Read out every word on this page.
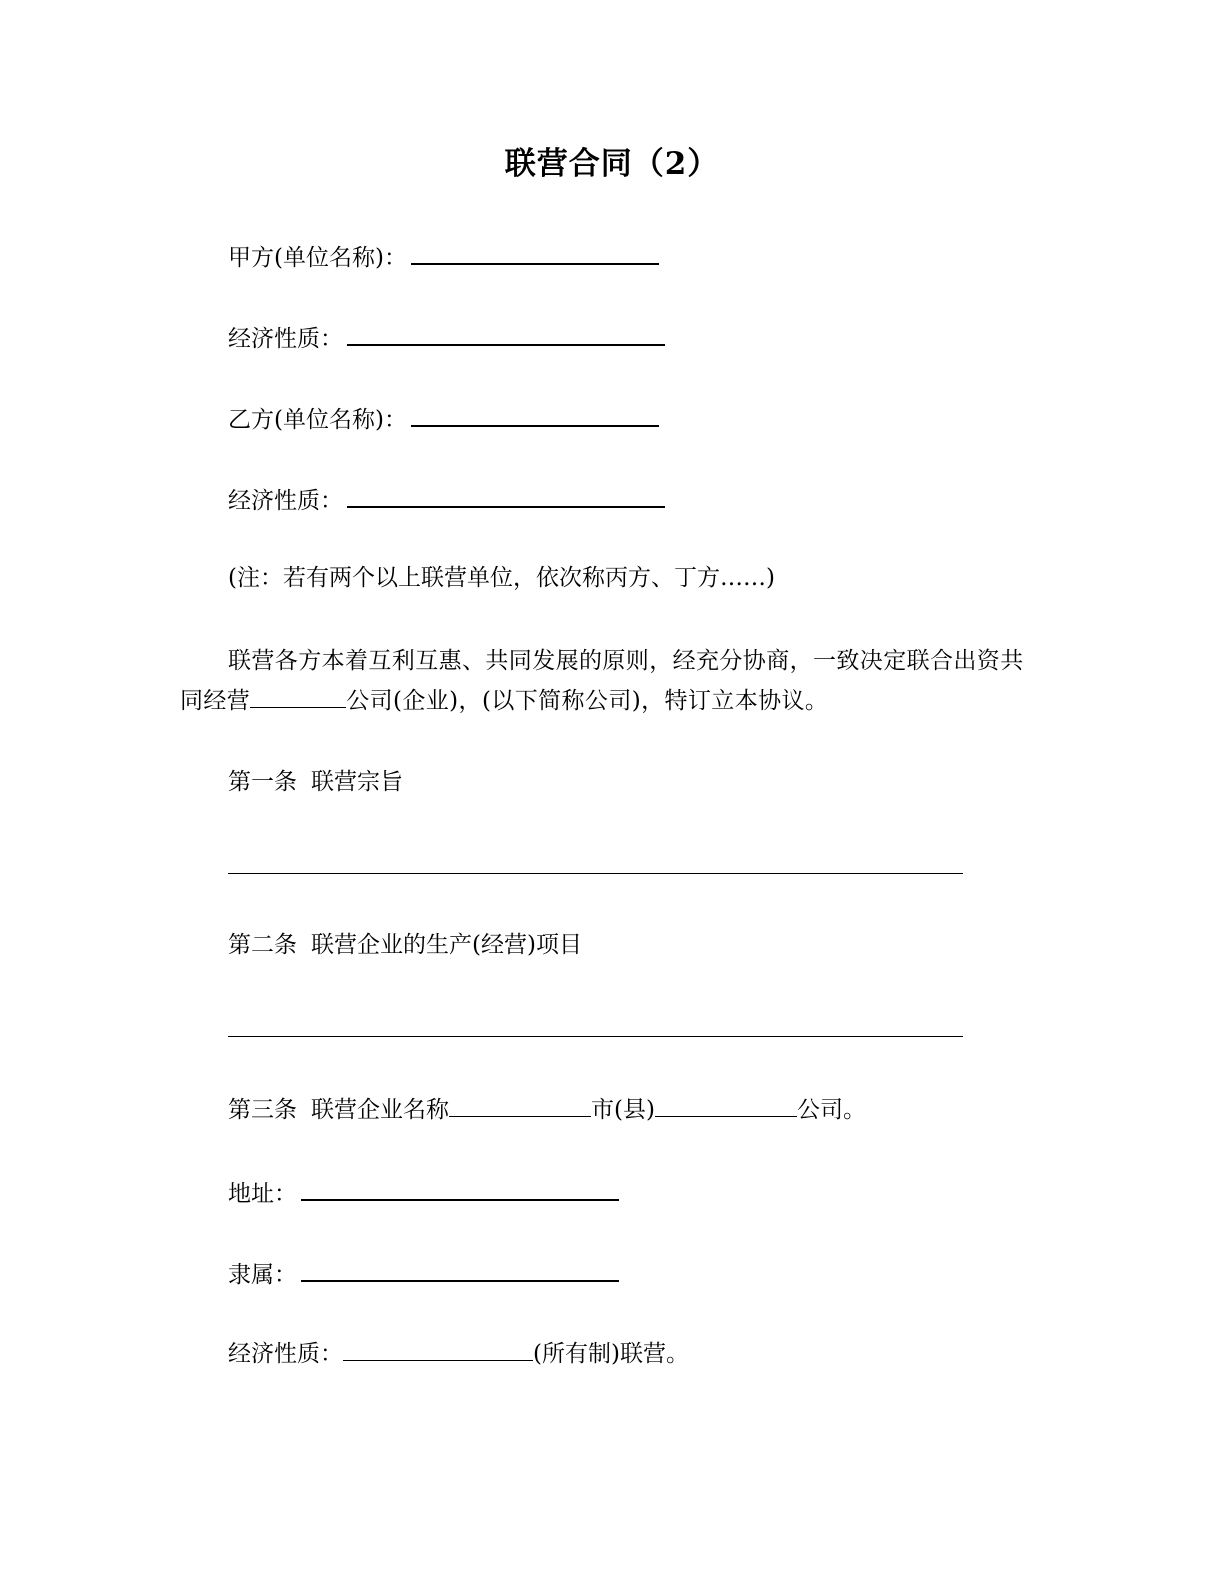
联营合同（2）
甲方(单位名称)：
经济性质：
乙方(单位名称)：
经济性质：
(注：若有两个以上联营单位，依次称丙方、丁方……)
联营各方本着互利互惠、共同发展的原则，经充分协商，一致决定联合出资共同经营	公司(企业)，(以下简称公司)，特订立本协议。
第一条 联营宗旨
第二条 联营企业的生产(经营)项目
第三条 联营企业名称	市(县)	公司。
地址：
隶属：
经济性质：	(所有制)联营。
